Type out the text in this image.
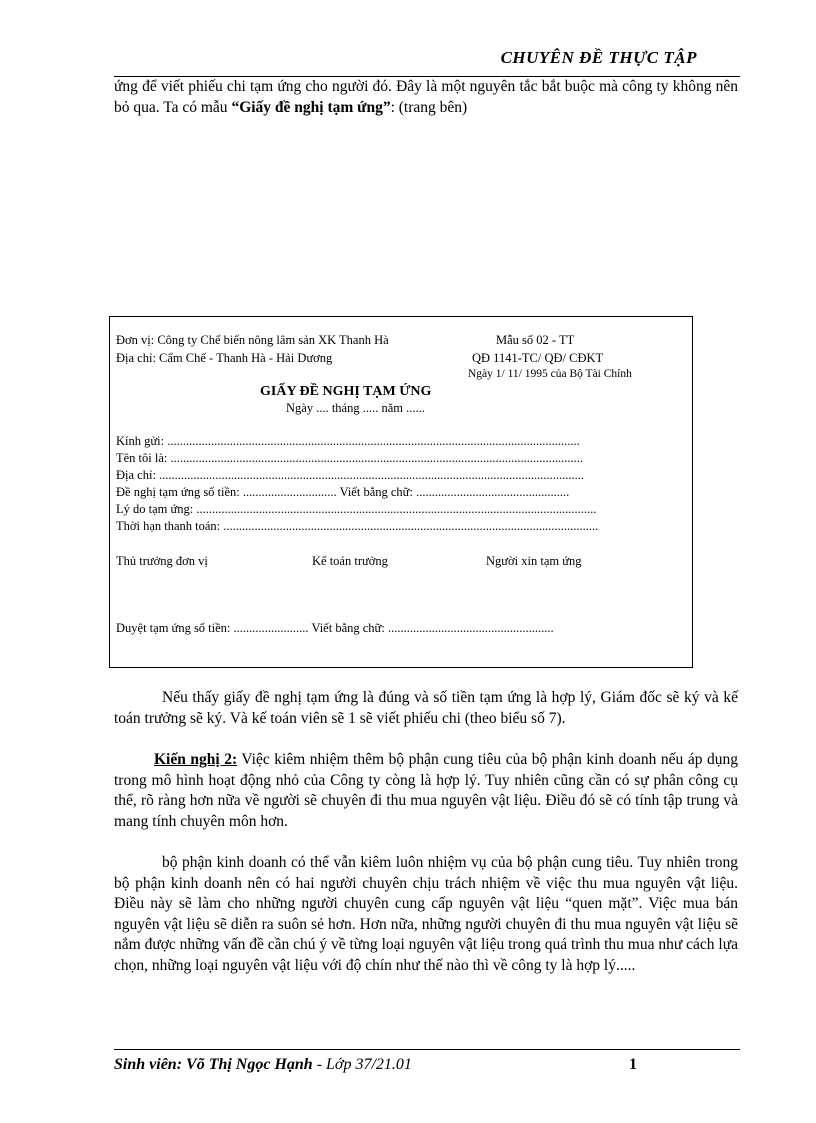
CHUYÊN ĐỀ THỰC TẬP
ứng để viết phiếu chi tạm ứng cho người đó. Đây là một nguyên tắc bắt buộc mà công ty không nên bỏ qua. Ta có mẫu “Giấy đề nghị tạm ứng”: (trang bên)
Đơn vị: Công ty Chế biến nông lâm sản XK Thanh Hà
Địa chỉ: Cẩm Chế - Thanh Hà - Hải Dương
Mẫu số 02 - TT
QĐ 1141-TC/ QĐ/ CĐKT
Ngày 1/ 11/ 1995 của Bộ Tài Chính
GIẤY ĐỀ NGHỊ TẠM ỨNG
Ngày .... tháng ..... năm ......
Kính gửi: ....................................................................................................................................
Tên tôi là: ....................................................................................................................................
Địa chỉ: ........................................................................................................................................
Đề nghị tạm ứng số tiền: .............................. Viết bằng chữ: .................................................
Lý do tạm ứng: ................................................................................................................................
Thời hạn thanh toán: ........................................................................................................................
Thủ trưởng đơn vị	Kế toán trưởng	Người xin tạm ứng
Duyệt tạm ứng số tiền: ........................ Viết bằng chữ: .....................................................
Nếu thấy giấy đề nghị tạm ứng là đúng và số tiền tạm ứng là hợp lý, Giám đốc sẽ ký và kế toán trưởng sẽ ký. Và kế toán viên sẽ 1 sẽ viết phiếu chi (theo biểu số 7).
Kiến nghị 2: Việc kiêm nhiệm thêm bộ phận cung tiêu của bộ phận kinh doanh nếu áp dụng trong mô hình hoạt động nhỏ của Công ty còng là hợp lý. Tuy nhiên cũng cần có sự phân công cụ thể, rõ ràng hơn nữa về người sẽ chuyên đi thu mua nguyên vật liệu. Điều đó sẽ có tính tập trung và mang tính chuyên môn hơn.
bộ phận kinh doanh có thể vẫn kiêm luôn nhiệm vụ của bộ phận cung tiêu. Tuy nhiên trong bộ phận kinh doanh nên có hai người chuyên chịu trách nhiệm về việc thu mua nguyên vật liệu. Điều này sẽ làm cho những người chuyên cung cấp nguyên vật liệu “quen mặt”. Việc mua bán nguyên vật liệu sẽ diễn ra suôn sẻ hơn. Hơn nữa, những người chuyên đi thu mua nguyên vật liệu sẽ nắm được những vấn đề cần chú ý về từng loại nguyên vật liệu trong quá trình thu mua như cách lựa chọn, những loại nguyên vật liệu với độ chín như thế nào thì về công ty là hợp lý.....
Sinh viên: Võ Thị Ngọc Hạnh - Lớp 37/21.01	1
